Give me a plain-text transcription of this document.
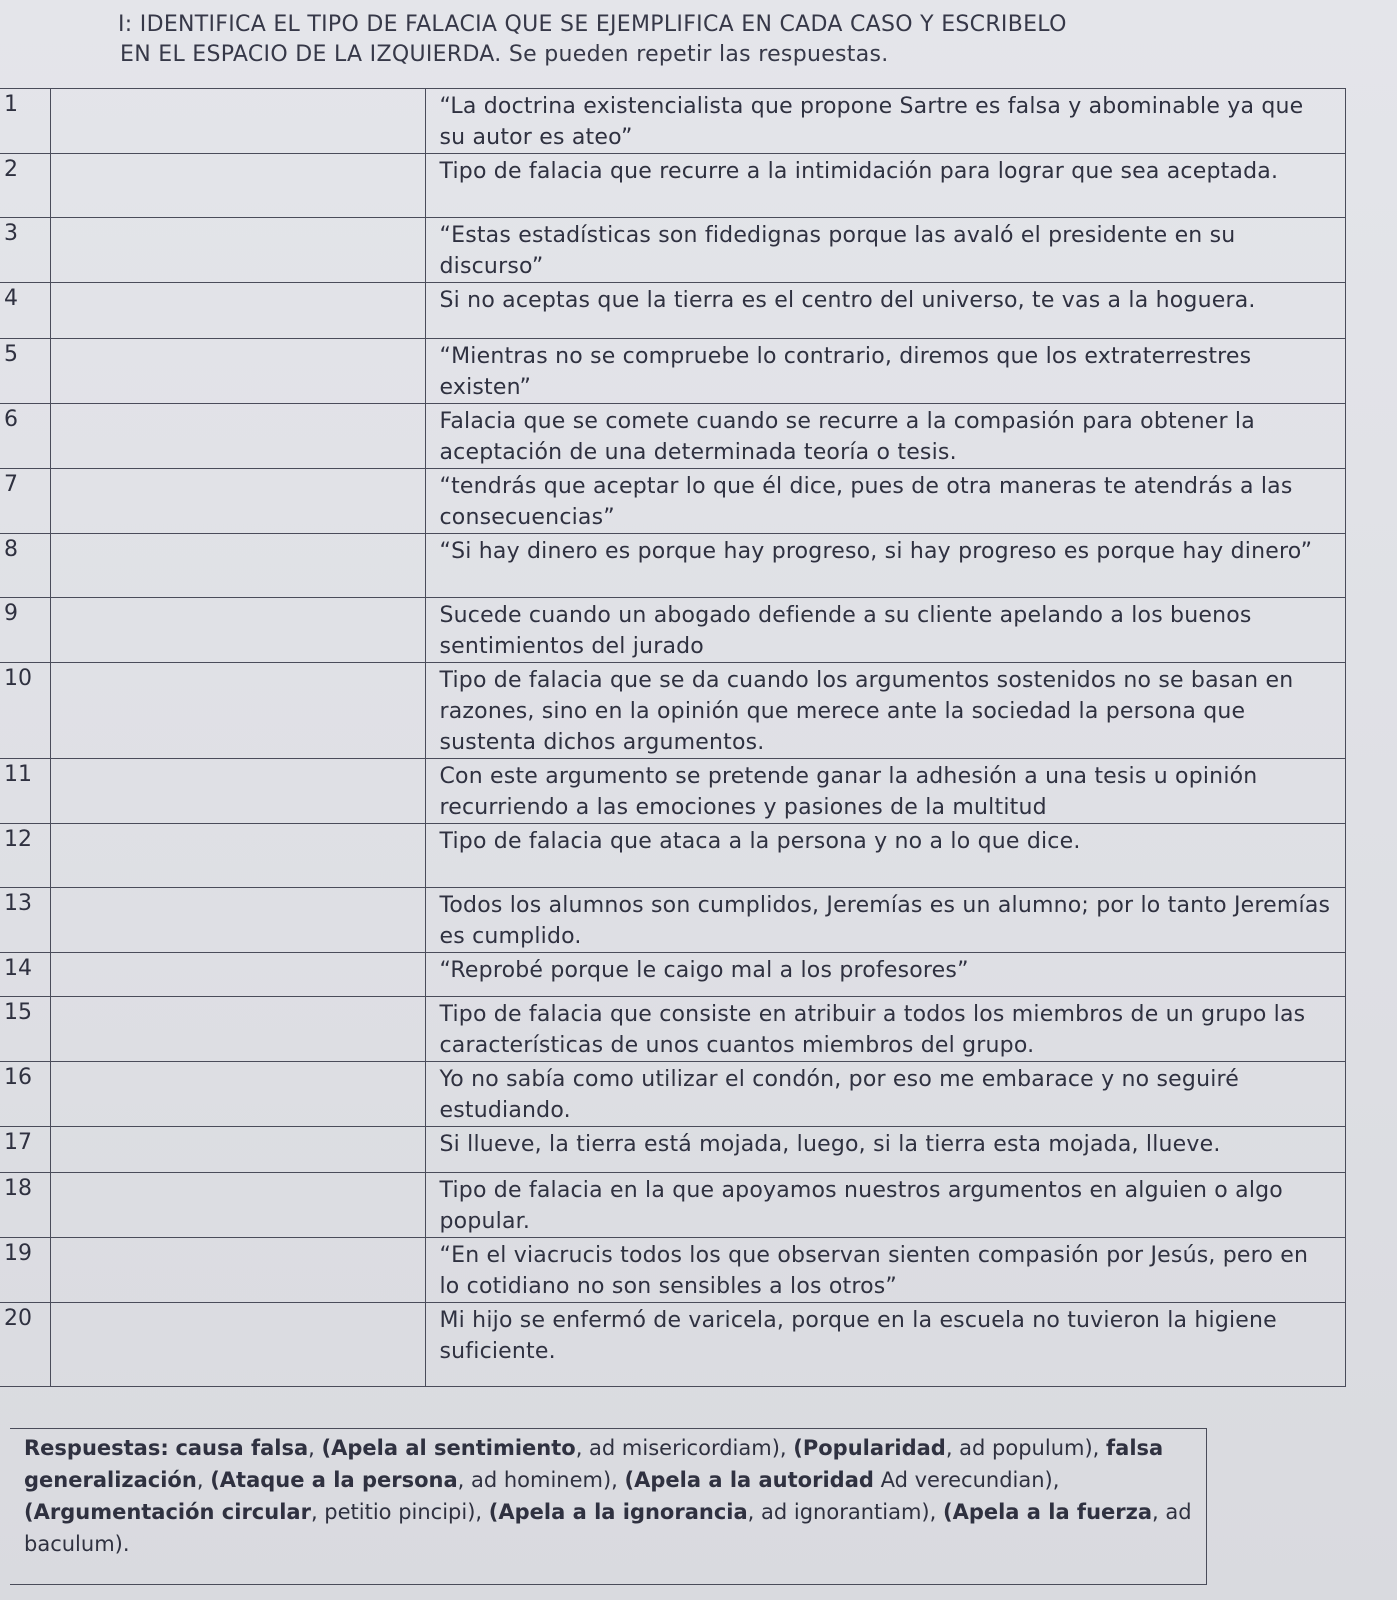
I: IDENTIFICA EL TIPO DE FALACIA QUE SE EJEMPLIFICA EN CADA CASO Y ESCRIBELO
EN EL ESPACIO DE LA IZQUIERDA. Se pueden repetir las respuestas.
1		“La doctrina existencialista que propone Sartre es falsa y abominable ya que su autor es ateo”
2		Tipo de falacia que recurre a la intimidación para lograr que sea aceptada.
3		“Estas estadísticas son fidedignas porque las avaló el presidente en su discurso”
4		Si no aceptas que la tierra es el centro del universo, te vas a la hoguera.
5		“Mientras no se compruebe lo contrario, diremos que los extraterrestres existen”
6		Falacia que se comete cuando se recurre a la compasión para obtener la aceptación de una determinada teoría o tesis.
7		“tendrás que aceptar lo que él dice, pues de otra maneras te atendrás a las consecuencias”
8		“Si hay dinero es porque hay progreso, si hay progreso es porque hay dinero”
9		Sucede cuando un abogado defiende a su cliente apelando a los buenos sentimientos del jurado
10		Tipo de falacia que se da cuando los argumentos sostenidos no se basan en razones, sino en la opinión que merece ante la sociedad la persona que sustenta dichos argumentos.
11		Con este argumento se pretende ganar la adhesión a una tesis u opinión recurriendo a las emociones y pasiones de la multitud
12		Tipo de falacia que ataca a la persona y no a lo que dice.
13		Todos los alumnos son cumplidos, Jeremías es un alumno; por lo tanto Jeremías es cumplido.
14		“Reprobé porque le caigo mal a los profesores”
15		Tipo de falacia que consiste en atribuir a todos los miembros de un grupo las características de unos cuantos miembros del grupo.
16		Yo no sabía como utilizar el condón, por eso me embarace y no seguiré estudiando.
17		Si llueve, la tierra está mojada, luego, si la tierra esta mojada, llueve.
18		Tipo de falacia en la que apoyamos nuestros argumentos en alguien o algo popular.
19		“En el viacrucis todos los que observan sienten compasión por Jesús, pero en lo cotidiano no son sensibles a los otros”
20		Mi hijo se enfermó de varicela, porque en la escuela no tuvieron la higiene suficiente.
Respuestas: causa falsa, (Apela al sentimiento, ad misericordiam), (Popularidad, ad populum), falsa generalización, (Ataque a la persona, ad hominem), (Apela a la autoridad Ad verecundian), (Argumentación circular, petitio pincipi), (Apela a la ignorancia, ad ignorantiam), (Apela a la fuerza, ad baculum).
